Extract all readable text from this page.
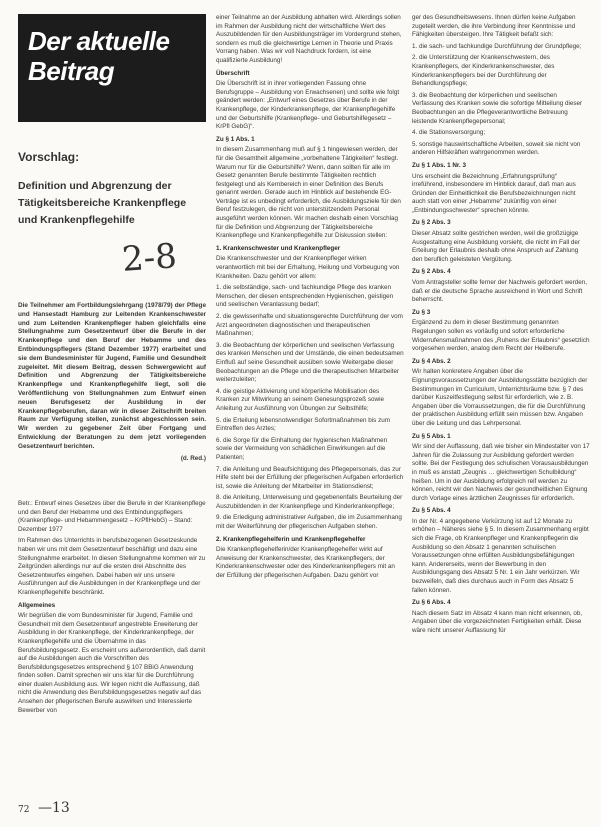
Der aktuelle
Beitrag
Vorschlag:
Definition und Abgrenzung der Tätigkeitsbereiche Krankenpflege und Krankenpflegehilfe
2-8

Die Teilnehmer am Fortbildungslehrgang (1978/79) der Pflege und Hansestadt Hamburg zur Leitenden Krankenschwester und zum Leitenden Krankenpfleger haben gleichfalls eine Stellungnahme zum Gesetzentwurf über die Berufe in der Krankenpflege und den Beruf der Hebamme und des Entbindungspflegers (Stand Dezember 1977) erarbeitet und sie dem Bundesminister für Jugend, Familie und Gesundheit zugeleitet. Mit diesem Beitrag, dessen Schwergewicht auf Definition und Abgrenzung der Tätigkeitsbereiche Krankenpflege und Krankenpflegehilfe liegt, soll die Veröffentlichung von Stellungnahmen zum Entwurf einen neuen Berufsgesetz der Ausbildung in der Krankenpflegeberufen, daran wir in dieser Zeitschrift breiten Raum zur Verfügung stellen, zunächst abgeschlossen sein. Wir werden zu gegebener Zeit über Fortgang und Entwicklung der Beratungen zu dem jetzt vorliegenden Gesetzentwurf berichten.

(d. Red.)

Betr.: Entwurf eines Gesetzes über die Berufe in der Krankenpflege und den Beruf der Hebamme und des Entbindungspflegers (Krankenpflege- und Hebammengesetz – KrPflHebG) – Stand: Dezember 1977

Im Rahmen des Unterrichts in berufsbezogenen Gesetzeskunde haben wir uns mit dem Gesetzentwurf beschäftigt und dazu eine Stellungnahme erarbeitet. In diesen Stellungnahme kommen wir zu Zeitgründen allerdings nur auf die ersten drei Abschnitte des Gesetzentwurfes eingehen. Dabei haben wir uns unsere Ausführungen auf die Ausbildungen in der Krankenpflege und der Krankenpflegehilfe beschränkt.

Allgemeines

Wir begrüßen die vom Bundesminister für Jugend, Familie und Gesundheit mit dem Gesetzentwurf angestrebte Erweiterung der Ausbildung in der Krankenpflege, der Kinderkrankenpflege, der Krankenpflegehilfe und die Übernahme in das Berufsbildungsgesetz. Es erscheint uns außerordentlich, daß damit auf die Ausbildungen auch die Vorschriften des Berufsbildungsgesetzes entsprechend § 107 BBiG Anwendung finden sollen. Damit sprechen wir uns klar für die Durchführung einer dualen Ausbildung aus. Wir legen nicht die Auffassung, daß nicht die Anwendung des Berufsbildungsgesetzes negativ auf das Ansehen der pflegerischen Berufe auswirken und Interessierte Bewerber von

einer Teilnahme an der Ausbildung abhalten wird. Allerdings sollen im Rahmen der Ausbildung nicht der wirtschaftliche Wert des Auszubildenden für den Ausbildungsträger im Vordergrund stehen, sondern es muß die gleichwertige Lernen in Theorie und Praxis Vorrang haben. Was wir voll Nachdruck fordern, ist eine qualifizierte Ausbildung!

Überschrift

Die Überschrift ist in ihrer vorliegenden Fassung ohne Berufsgruppe – Ausbildung von Erwachsenen) und sollte wie folgt geändert werden: „Entwurf eines Gesetzes über Berufe in der Krankenpflege, der Kinderkrankenpflege, der Krankenpflegehilfe und der Geburtshilfe (Krankenpflege- und Geburtshilfegesetz – KrPfl GebG)“.

Zu § 1 Abs. 1

In diesem Zusammenhang muß auf § 1 hingewiesen werden, der für die Gesamtheit allgemeine „vorbehaltene Tätigkeiten“ festlegt. Warum nur für die Geburtshilfe? Wenn, dann sollten für alle im Gesetz genannten Berufe bestimmte Tätigkeiten rechtlich festgelegt und als Kernbereich in einer Definition des Berufs genannt werden. Gerade auch im Hinblick auf bestehende EG-Verträge ist es unbedingt erforderlich, die Ausbildungsziele für den Beruf festzulegen, die nicht von unterstützendem Personal ausgeführt werden können. Wir machen deshalb einen Vorschlag für die Definition und Abgrenzung der Tätigkeitsbereiche Krankenpflege und Krankenpflegehilfe zur Diskussion stellen:

1. Krankenschwester und Krankenpfleger

Die Krankenschwester und der Krankenpfleger wirken verantwortlich mit bei der Erhaltung, Heilung und Vorbeugung von Krankheiten. Dazu gehört vor allem:

1. die selbständige, sach- und fachkundige Pflege des kranken Menschen, der diesen entsprechenden Hygienischen, geistigen und seelischen Veranlassung bedarf;

2. die gewissenhafte und situationsgerechte Durchführung der vom Arzt angeordneten diagnostischen und therapeutischen Maßnahmen;

3. die Beobachtung der körperlichen und seelischen Verfassung des kranken Menschen und der Umstände, die einen bedeutsamen Einfluß auf seine Gesundheit ausüben sowie Weitergabe dieser Beobachtungen an die Pflege und die therapeutischen Mitarbeiter weiterzuleiten;

4. die geistige Aktivierung und körperliche Mobilisation des Kranken zur Mitwirkung an seinem Genesungsprozeß sowie Anleitung zur Ausführung von Übungen zur Selbsthilfe;

5. die Erteilung lebensnotwendiger Sofortmaßnahmen bis zum Eintreffen des Arztes;

6. die Sorge für die Einhaltung der hygienischen Maßnahmen sowie der Vermeidung von schädlichen Einwirkungen auf die Patienten;

7. die Anleitung und Beaufsichtigung des Pflegepersonals, das zur Hilfe steht bei der Erfüllung der pflegerischen Aufgaben erforderlich ist, sowie die Anleitung der Mitarbeiter im Stationsdienst;

8. die Anleitung, Unterweisung und gegebenenfalls Beurteilung der Auszubildenden in der Krankenpflege und Kinderkrankenpflege;

9. die Erledigung administrativer Aufgaben, die im Zusammenhang mit der Weiterführung der pflegerischen Aufgaben stehen.

2. Krankenpflegehelferin und Krankenpflegehelfer

Die Krankenpflegehelferin/der Krankenpflegehelfer wirkt auf Anweisung der Krankenschwester, des Krankenpflegers, der Kinderkrankenschwester oder des Kinderkrankenpflegers mit an der Erfüllung der pflegerischen Aufgaben. Dazu gehört vor

ger des Gesundheitswesens. Ihnen dürfen keine Aufgaben zugeteilt werden, die ihre Verbindung ihrer Kenntnisse und Fähigkeiten übersteigen. Ihre Tätigkeit befaßt sich:

1. die sach- und fachkundige Durchführung der Grundpflege;

2. die Unterstützung der Krankenschwestern, des Krankenpflegers, der Kinderkrankenschwester, des Kinderkrankenpflegers bei der Durchführung der Behandlungspflege;

3. die Beobachtung der körperlichen und seelischen Verfassung des Kranken sowie die sofortige Mitteilung dieser Beobachtungen an die Pflegeverantwortliche Betreuung leistende Krankenpflegepersonal;

4. die Stationsversorgung;

5. sonstige hauswirtschaftliche Arbeiten, soweit sie nicht von anderen Hilfskräften wahrgenommen werden.

Zu § 1 Abs. 1 Nr. 3

Uns erscheint die Bezeichnung „Erfahrungsprüfung“ irreführend, insbesondere im Hinblick darauf, daß man aus Gründen der Einheitlichkeit die Berufsbezeichnungen nicht auch statt von einer „Hebamme“ zukünftig von einer „Entbindungsschwester“ sprechen könnte.

Zu § 2 Abs. 3

Dieser Absatz sollte gestrichen werden, weil die großzügige Ausgestaltung eine Ausbildung vorsieht, die nicht im Fall der Erteilung der Erlaubnis deshalb ohne Anspruch auf Zahlung den beruflich geleisteten Vergütung.

Zu § 2 Abs. 4

Vom Antragsteller sollte ferner der Nachweis gefordert werden, daß er die deutsche Sprache ausreichend in Wort und Schrift beherrscht.

Zu § 3

Ergänzend zu dem in dieser Bestimmung genannten Regelungen sollen es vorläufig und sofort erforderliche Widerrufensmaßnahmen des „Ruhens der Erlaubnis“ gesetzlich vorgesehen werden, analog dem Recht der Heilberufe.

Zu § 4 Abs. 2

Wir halten konkretere Angaben über die Eignungsvoraussetzungen der Ausbildungsstätte bezüglich der Bestimmungen im Curriculum, Unterrichtsräume bzw. § 7 des darüber Kuszeitfestlegung selbst für erforderlich, wie z. B. Angaben über die Vorraussetzungen, die für die Durchführung der praktischen Ausbildung erfüllt sein müssen bzw. Angaben über die Leitung und das Lehrpersonal.

Zu § 5 Abs. 1

Wir sind der Auffassung, daß wie bisher ein Mindestalter von 17 Jahren für die Zulassung zur Ausbildung gefordert werden sollte. Bei der Festlegung des schulischen Vorausausbildungen in muß es anstatt „Zeugnis … gleichwertigen Schulbildung“ heißen. Um in der Ausbildung erfolgreich reif werden zu können, reicht wir den Nachweis der gesundheitlichen Eignung durch Vorlage eines ärztlichen Zeugnisses für erforderlich.

Zu § 5 Abs. 4

In der Nr. 4 angegebene Verkürzung ist auf 12 Monate zu erhöhen – Näheres siehe § 5. In diesem Zusammenhang ergibt sich die Frage, ob Krankenpfleger und Krankenpflegerin die Ausbildung so den Absatz 1 genannten schulischen Voraussetzungen ohne erfüllten Ausbildungsbefähigungen kann. Andererseits, wenn der Bewerbung in den Ausbildungsgang des Absatz 5 Nr. 1 ein Jahr verkürzen. Wir bezweifeln, daß dies durchaus auch in Form des Absatz 5 fallen können.

Zu § 6 Abs. 4

Nach diesem Satz im Absatz 4 kann man nicht erkennen, ob, Angaben über die vorgezeichneten Fertigkeiten erhält. Diese wäre nicht unserer Auffassung für

72 —13
